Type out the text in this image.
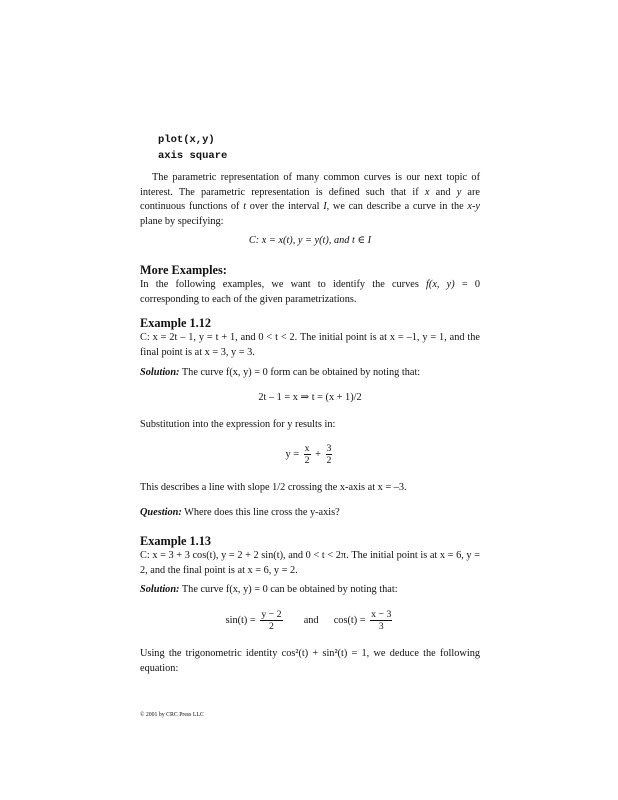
plot(x,y)
axis square
The parametric representation of many common curves is our next topic of interest. The parametric representation is defined such that if x and y are continuous functions of t over the interval I, we can describe a curve in the x-y plane by specifying:
C: x = x(t), y = y(t), and t ∈ I
More Examples:
In the following examples, we want to identify the curves f(x, y) = 0 corresponding to each of the given parametrizations.
Example 1.12
C: x = 2t – 1, y = t + 1, and 0 < t < 2. The initial point is at x = –1, y = 1, and the final point is at x = 3, y = 3.
Solution: The curve f(x, y) = 0 form can be obtained by noting that:
2t – 1 = x ⇒ t = (x + 1)/2
Substitution into the expression for y results in:
$y = \frac{x}{2} + \frac{3}{2}$
This describes a line with slope 1/2 crossing the x-axis at x = –3.
Question: Where does this line cross the y-axis?
Example 1.13
C: x = 3 + 3 cos(t), y = 2 + 2 sin(t), and 0 < t < 2π. The initial point is at x = 6, y = 2, and the final point is at x = 6, y = 2.
Solution: The curve f(x, y) = 0 can be obtained by noting that:
$\sin(t) = \frac{y - 2}{2}$ and $\cos(t) = \frac{x - 3}{3}$
Using the trigonometric identity cos²(t) + sin²(t) = 1, we deduce the following equation:
© 2001 by CRC Press LLC
